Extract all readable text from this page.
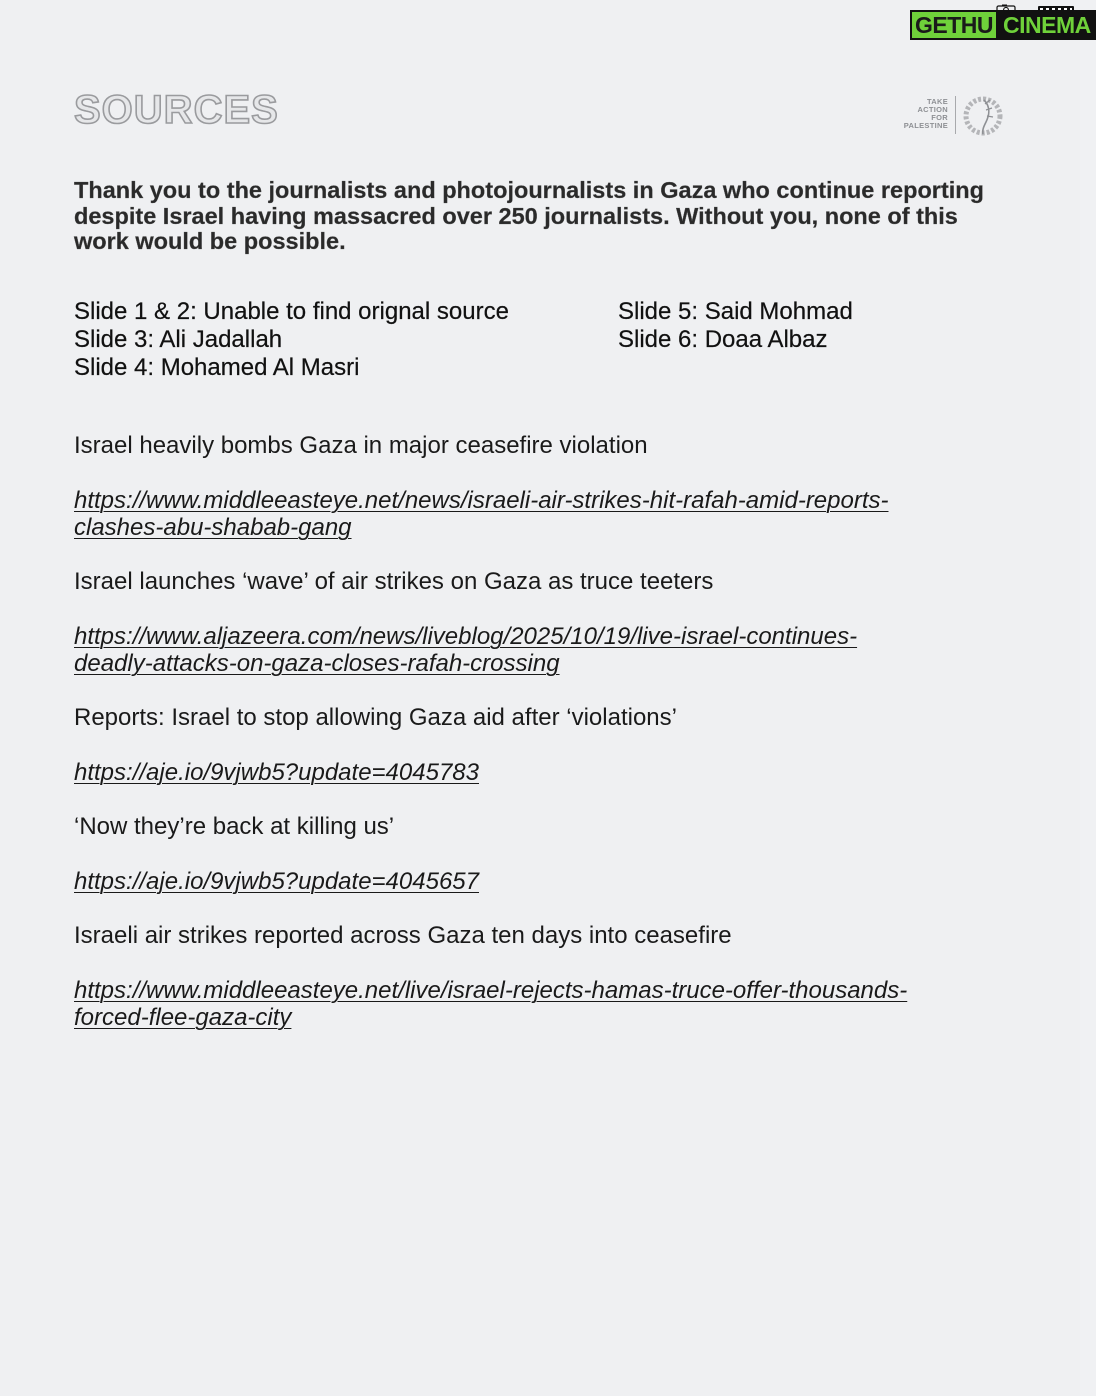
GETHU CINEMA
SOURCES	TAKE
ACTION
FOR
PALESTINE
Thank you to the journalists and photojournalists in Gaza who continue reporting despite Israel having massacred over 250 journalists. Without you, none of this work would be possible.
Slide 1 & 2: Unable to find orignal source
Slide 3: Ali Jadallah
Slide 4: Mohamed Al Masri
Slide 5: Said Mohmad
Slide 6: Doaa Albaz
Israel heavily bombs Gaza in major ceasefire violation
https://www.middleeasteye.net/news/israeli-air-strikes-hit-rafah-amid-reports-
clashes-abu-shabab-gang
Israel launches ‘wave’ of air strikes on Gaza as truce teeters
https://www.aljazeera.com/news/liveblog/2025/10/19/live-israel-continues-
deadly-attacks-on-gaza-closes-rafah-crossing
Reports: Israel to stop allowing Gaza aid after ‘violations’
https://aje.io/9vjwb5?update=4045783
‘Now they’re back at killing us’
https://aje.io/9vjwb5?update=4045657
Israeli air strikes reported across Gaza ten days into ceasefire
https://www.middleeasteye.net/live/israel-rejects-hamas-truce-offer-thousands-
forced-flee-gaza-city
